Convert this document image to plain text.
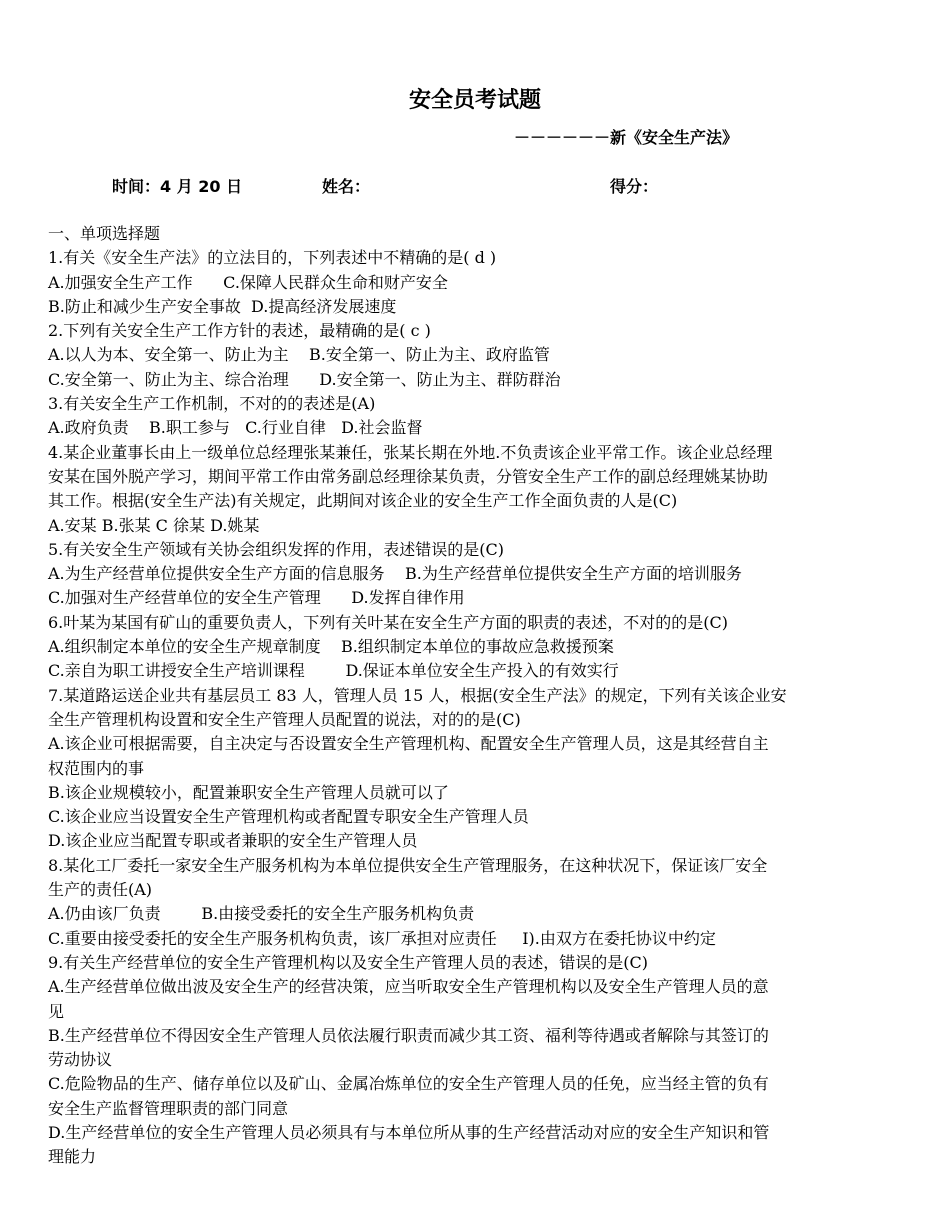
安全员考试题
－－－－－－新《安全生产法》
时间：4 月 20 日	姓名：	得分：
一、单项选择题
1.有关《安全生产法》的立法目的，下列表述中不精确的是( d )
A.加强安全生产工作      C.保障人民群众生命和财产安全
B.防止和减少生产安全事故  D.提高经济发展速度
2.下列有关安全生产工作方针的表述，最精确的是( c )
A.以人为本、安全第一、防止为主    B.安全第一、防止为主、政府监管
C.安全第一、防止为主、综合治理      D.安全第一、防止为主、群防群治
3.有关安全生产工作机制，不对的的表述是(A)
A.政府负责    B.职工参与   C.行业自律   D.社会监督
4.某企业董事长由上一级单位总经理张某兼任，张某长期在外地.不负责该企业平常工作。该企业总经理
安某在国外脱产学习，期间平常工作由常务副总经理徐某负责，分管安全生产工作的副总经理姚某协助
其工作。根据(安全生产法)有关规定，此期间对该企业的安全生产工作全面负责的人是(C)
A.安某 B.张某 C 徐某 D.姚某
5.有关安全生产领域有关协会组织发挥的作用，表述错误的是(C)
A.为生产经营单位提供安全生产方面的信息服务    B.为生产经营单位提供安全生产方面的培训服务
C.加强对生产经营单位的安全生产管理      D.发挥自律作用
6.叶某为某国有矿山的重要负责人，下列有关叶某在安全生产方面的职责的表述，不对的的是(C)
A.组织制定本单位的安全生产规章制度    B.组织制定本单位的事故应急救援预案
C.亲自为职工讲授安全生产培训课程        D.保证本单位安全生产投入的有效实行
7.某道路运送企业共有基层员工 83 人，管理人员 15 人，根据(安全生产法》的规定，下列有关该企业安
全生产管理机构设置和安全生产管理人员配置的说法，对的的是(C)
A.该企业可根据需要，自主决定与否设置安全生产管理机构、配置安全生产管理人员，这是其经营自主
权范围内的事
B.该企业规模较小，配置兼职安全生产管理人员就可以了
C.该企业应当设置安全生产管理机构或者配置专职安全生产管理人员
D.该企业应当配置专职或者兼职的安全生产管理人员
8.某化工厂委托一家安全生产服务机构为本单位提供安全生产管理服务，在这种状况下，保证该厂安全
生产的责任(A)
A.仍由该厂负责        B.由接受委托的安全生产服务机构负责
C.重要由接受委托的安全生产服务机构负责，该厂承担对应责任     I).由双方在委托协议中约定
9.有关生产经营单位的安全生产管理机构以及安全生产管理人员的表述，错误的是(C)
A.生产经营单位做出波及安全生产的经营决策，应当听取安全生产管理机构以及安全生产管理人员的意
见
B.生产经营单位不得因安全生产管理人员依法履行职责而减少其工资、福利等待遇或者解除与其签订的
劳动协议
C.危险物品的生产、储存单位以及矿山、金属冶炼单位的安全生产管理人员的任免，应当经主管的负有
安全生产监督管理职责的部门同意
D.生产经营单位的安全生产管理人员必须具有与本单位所从事的生产经营活动对应的安全生产知识和管
理能力
